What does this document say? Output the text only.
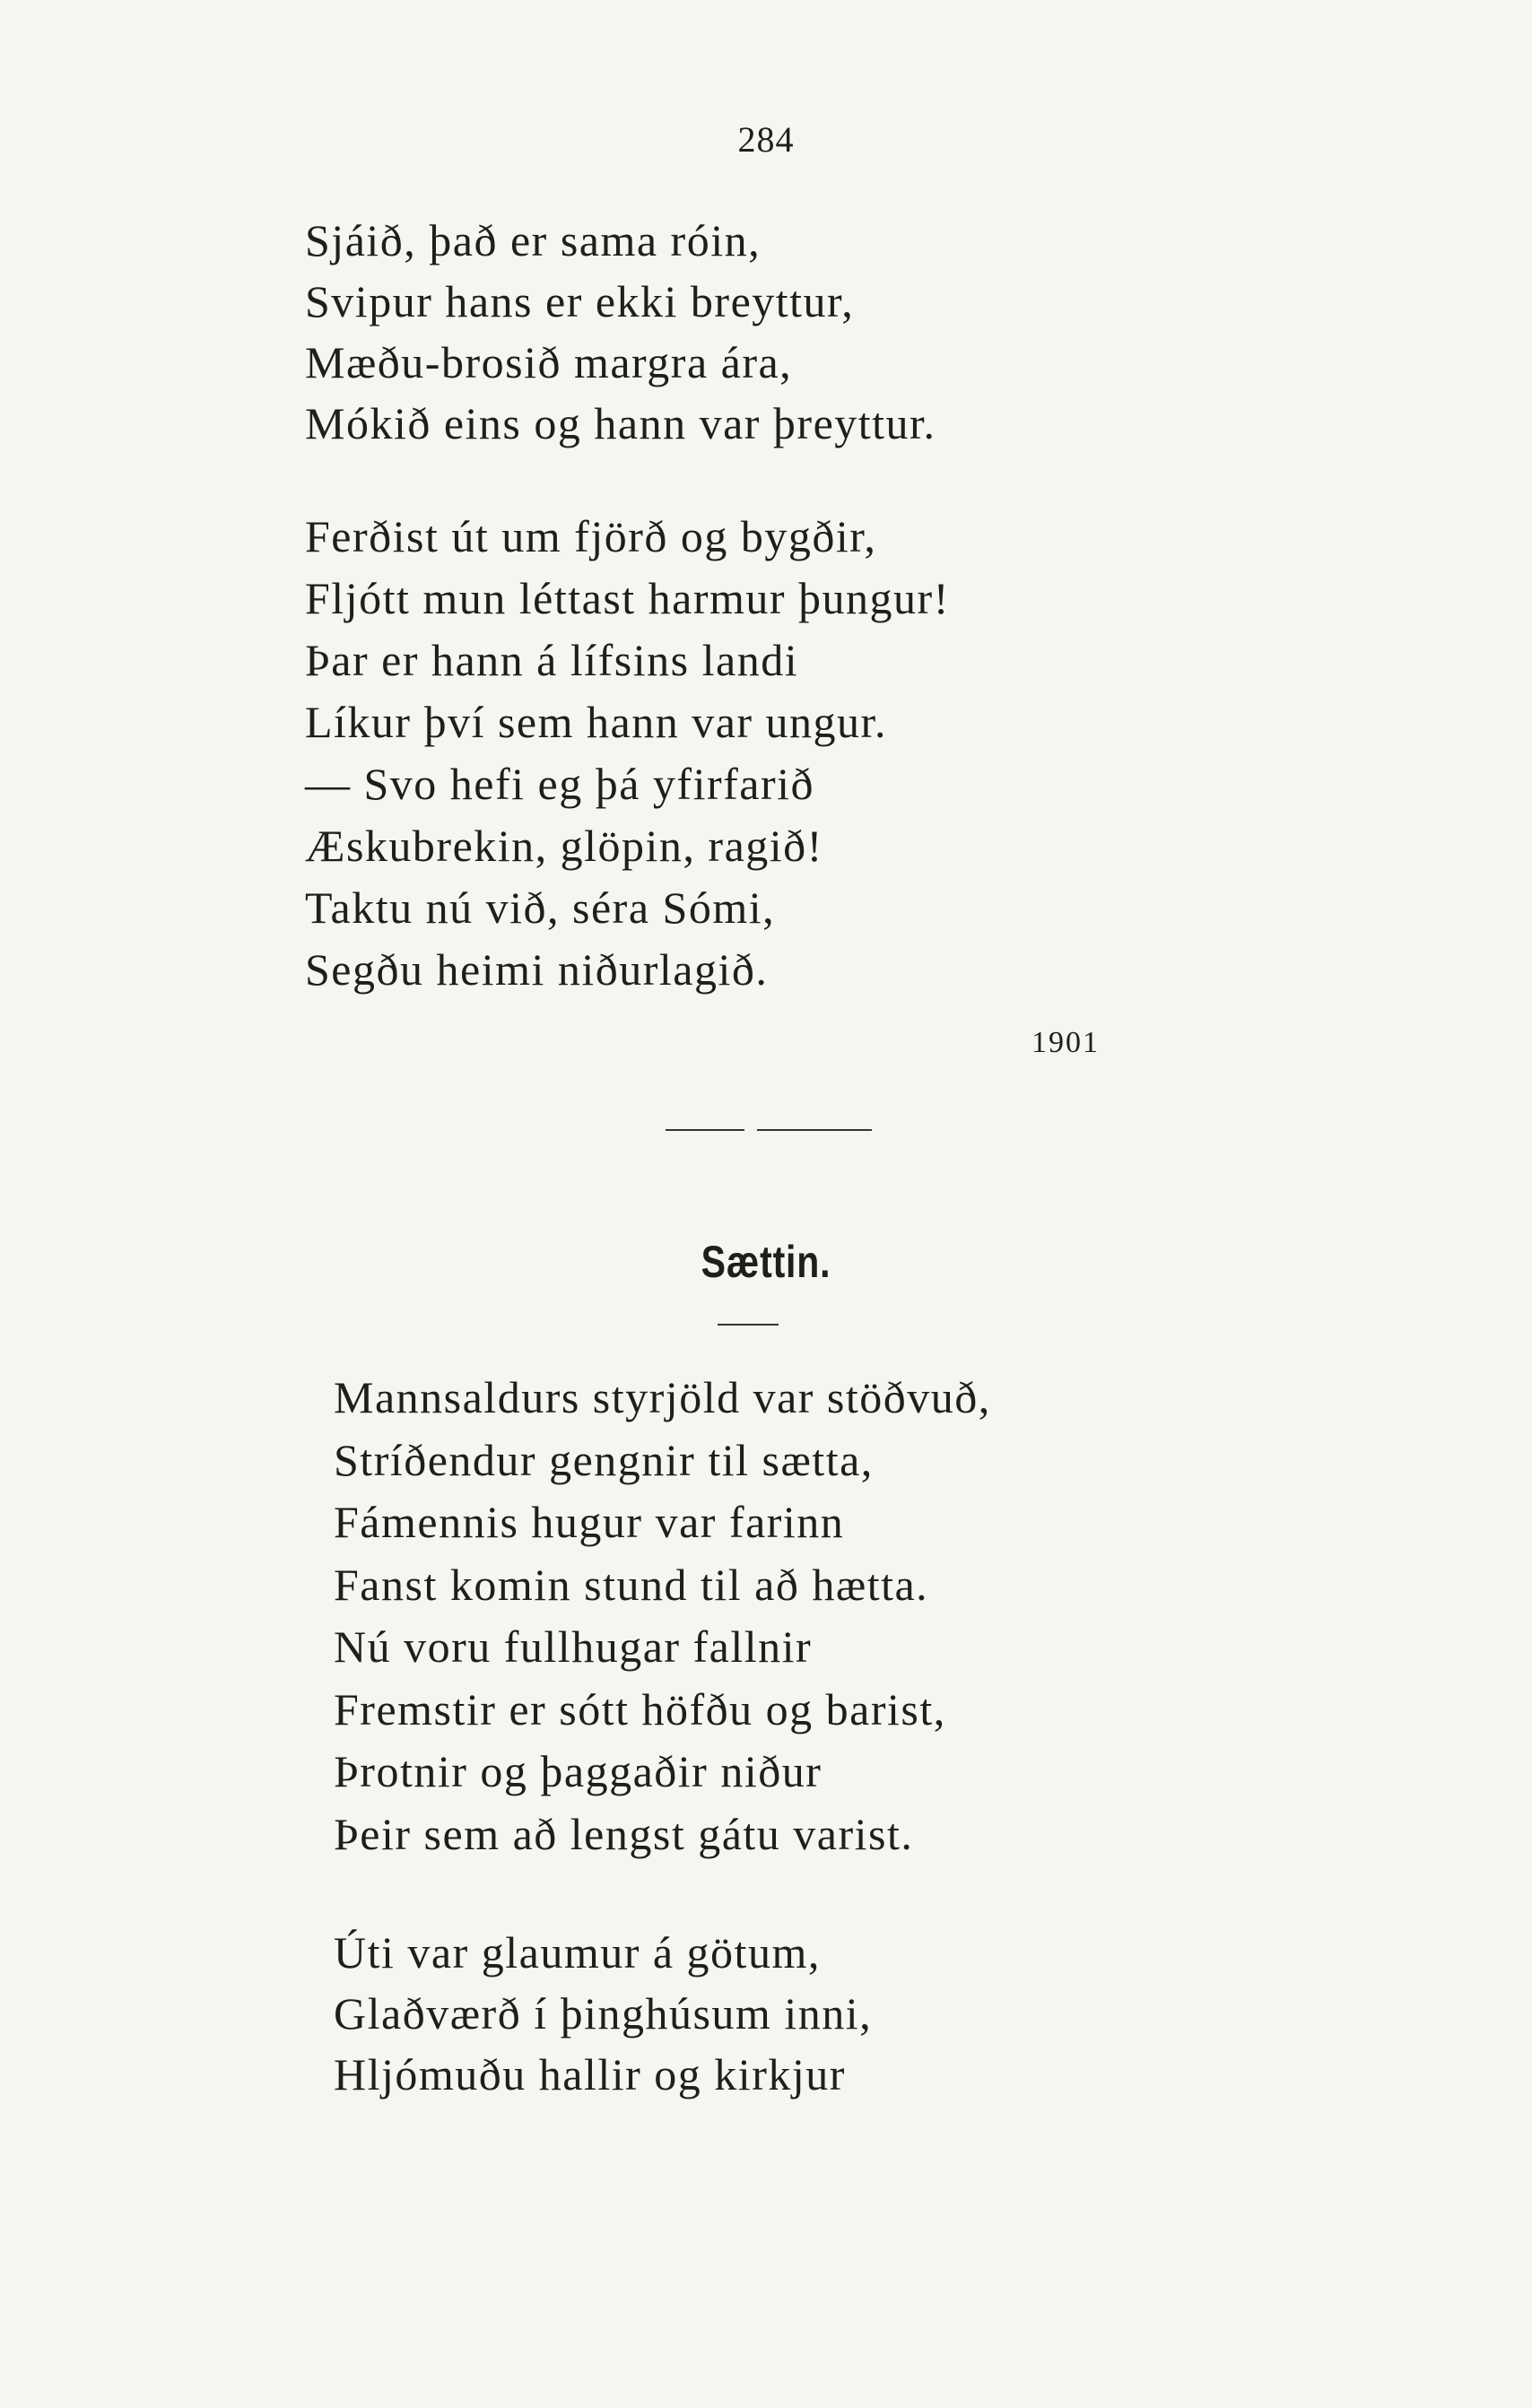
284
Sjáið, það er sama róin,
Svipur hans er ekki breyttur,
Mæðu-brosið margra ára,
Mókið eins og hann var þreyttur.
Ferðist út um fjörð og bygðir,
Fljótt mun léttast harmur þungur!
Þar er hann á lífsins landi
Líkur því sem hann var ungur.
— Svo hefi eg þá yfirfarið
Æskubrekin, glöpin, ragið!
Taktu nú við, séra Sómi,
Segðu heimi niðurlagið.
1901
Sættin.
Mannsaldurs styrjöld var stöðvuð,
Stríðendur gengnir til sætta,
Fámennis hugur var farinn
Fanst komin stund til að hætta.
Nú voru fullhugar fallnir
Fremstir er sótt höfðu og barist,
Þrotnir og þaggaðir niður
Þeir sem að lengst gátu varist.
Úti var glaumur á götum,
Glaðværð í þinghúsum inni,
Hljómuðu hallir og kirkjur
